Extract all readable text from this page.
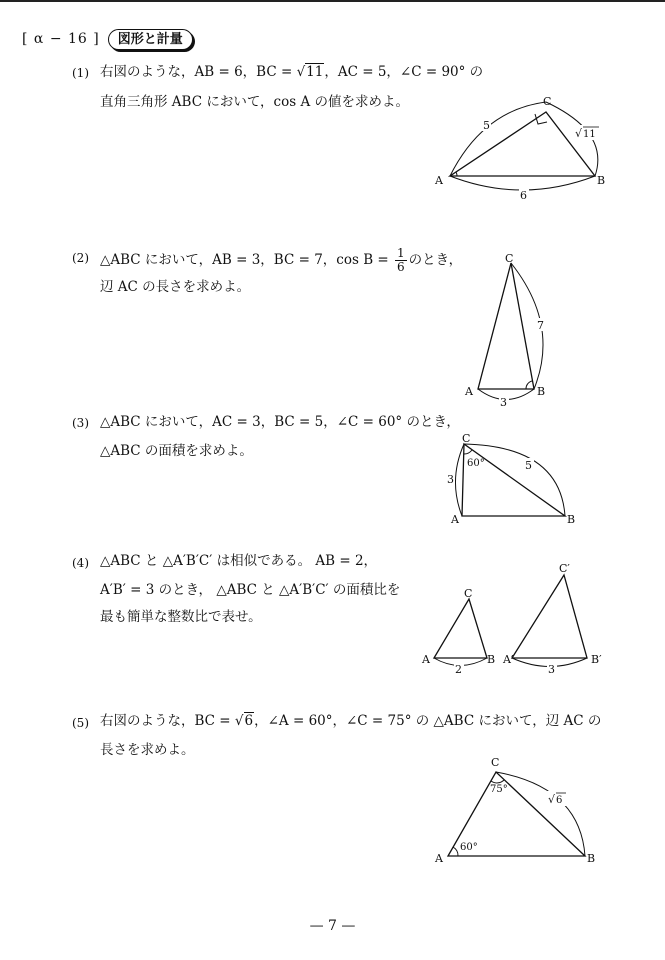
[ α − 16 ]	図形と計量
(1) 右図のような，AB = 6，BC = √11，AC = 5，∠C = 90° の
直角三角形 ABC において，cos A の値を求めよ。
A	B
C
5
√ 11
6
(2) △ABC において，AB = 3，BC = 7，$\cos B = \frac{1}{6}$ のとき，
辺 AC の長さを求めよ。
A	B
C
7
3
(3) △ABC において，AC = 3，BC = 5，∠C = 60° のとき，
△ABC の面積を求めよ。
A	B
C
60°
3
5
(4) △ABC と △A′B′C′ は相似である。 AB = 2，
A′B′ = 3 のとき， △ABC と △A′B′C′ の面積比を
最も簡単な整数比で表せ。
A	B
C
2
A′	B′
C′
3
(5) 右図のような，BC = √6，∠A = 60°，∠C = 75° の △ABC において，辺 AC の
長さを求めよ。
A	B
C
60°
75°
√ 6
— 7 —
